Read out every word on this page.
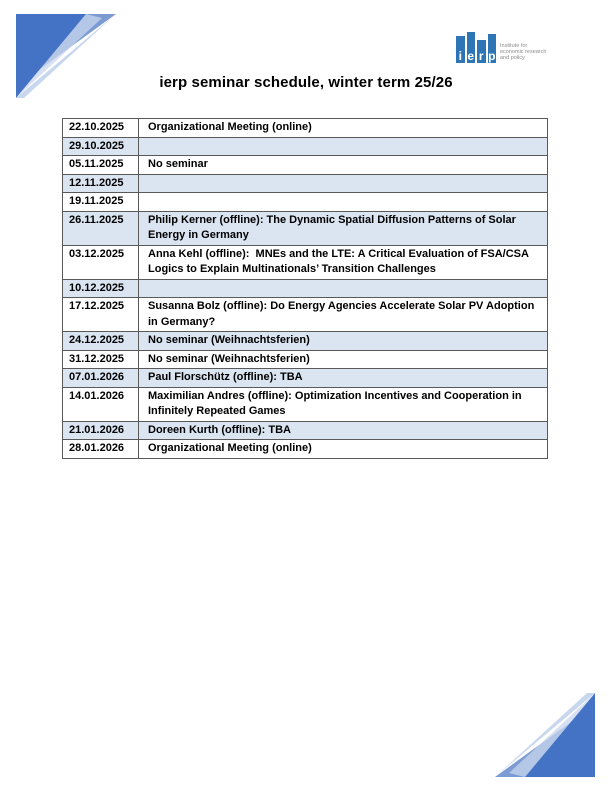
i e r p
Institute for
economic research
and policy
ierp seminar schedule, winter term 25/26
22.10.2025	Organizational Meeting (online)
29.10.2025	
05.11.2025	No seminar
12.11.2025	
19.11.2025	
26.11.2025	Philip Kerner (offline): The Dynamic Spatial Diffusion Patterns of Solar Energy in Germany
03.12.2025	Anna Kehl (offline):  MNEs and the LTE: A Critical Evaluation of FSA/CSA Logics to Explain Multinationals’ Transition Challenges
10.12.2025	
17.12.2025	Susanna Bolz (offline): Do Energy Agencies Accelerate Solar PV Adoption in Germany?
24.12.2025	No seminar (Weihnachtsferien)
31.12.2025	No seminar (Weihnachtsferien)
07.01.2026	Paul Florschütz (offline): TBA
14.01.2026	Maximilian Andres (offline): Optimization Incentives and Cooperation in Infinitely Repeated Games
21.01.2026	Doreen Kurth (offline): TBA
28.01.2026	Organizational Meeting (online)
